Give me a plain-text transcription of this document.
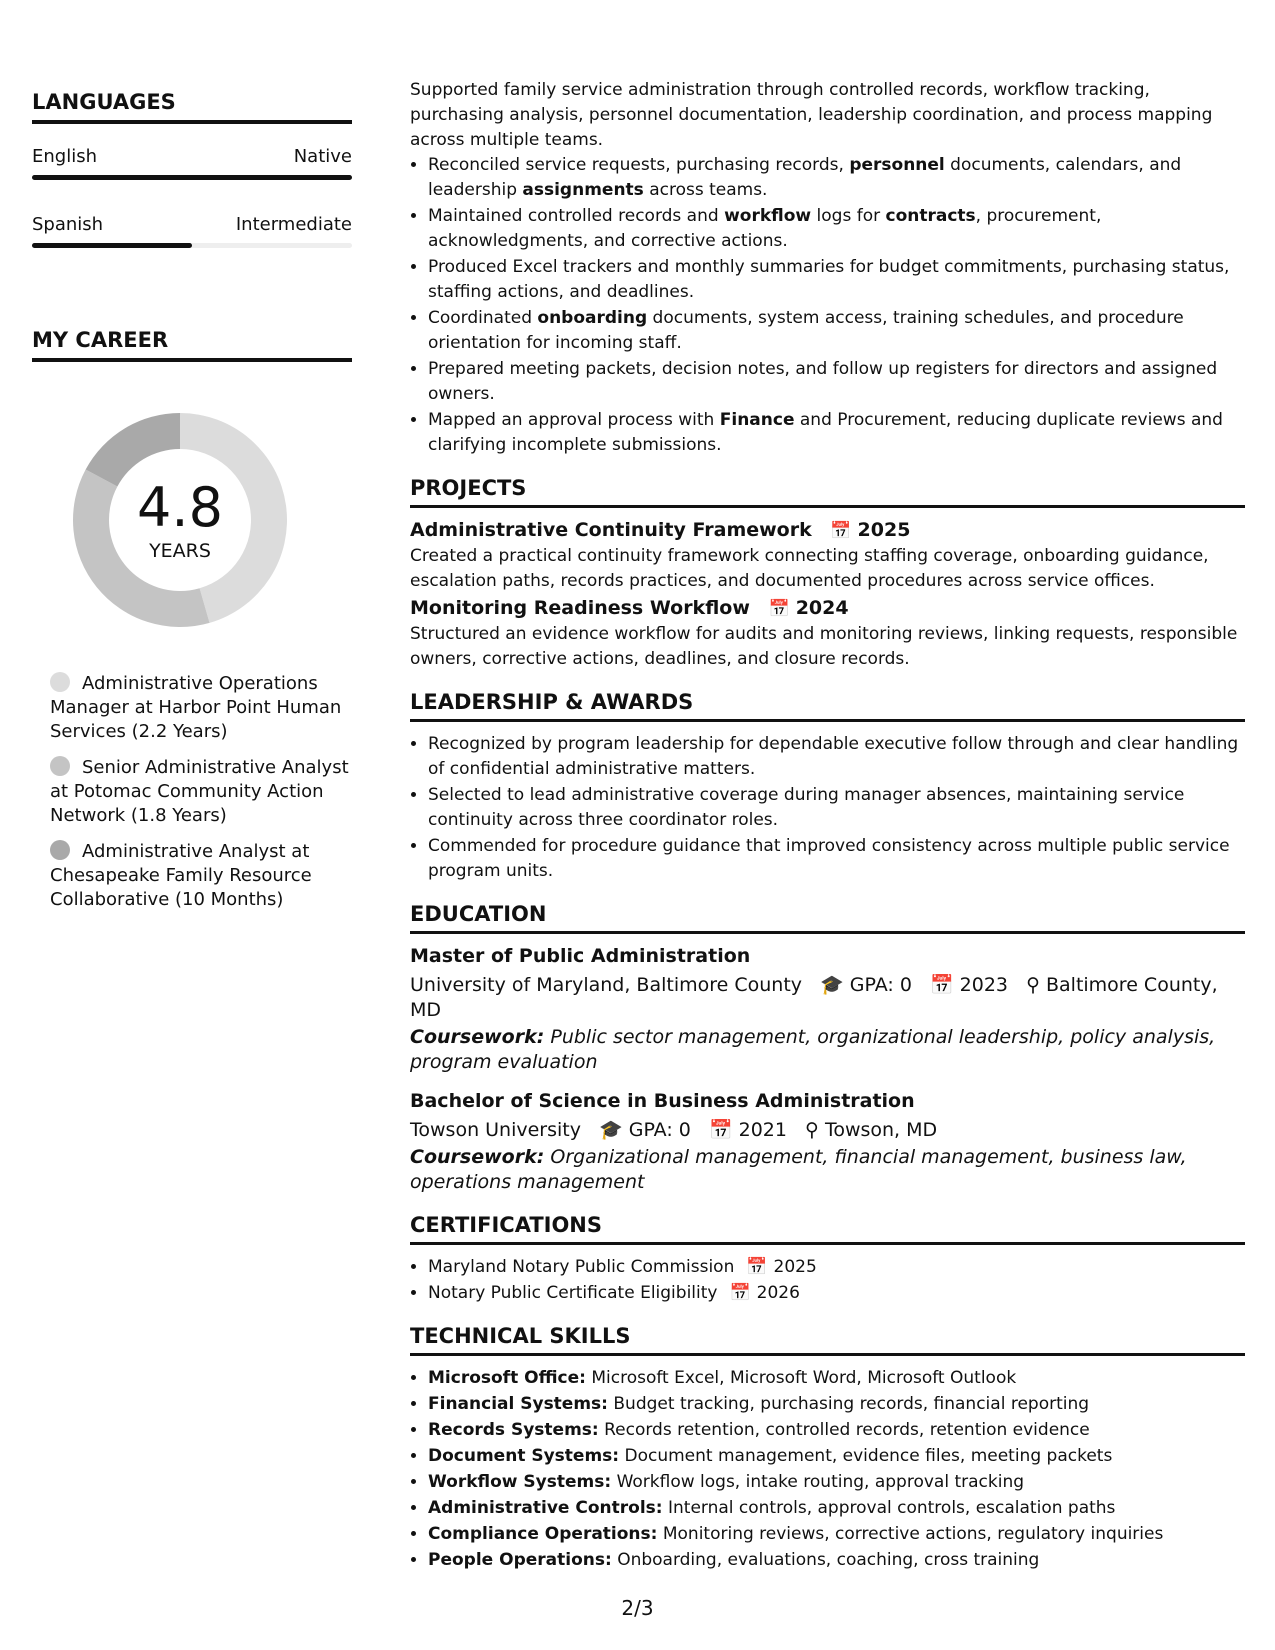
LANGUAGES
English	Native
Spanish	Intermediate
MY CAREER
4.8
YEARS
Administrative Operations Manager at Harbor Point Human Services (2.2 Years)
Senior Administrative Analyst at Potomac Community Action Network (1.8 Years)
Administrative Analyst at Chesapeake Family Resource Collaborative (10 Months)

Supported family service administration through controlled records, workflow tracking, purchasing analysis, personnel documentation, leadership coordination, and process mapping across multiple teams.

• Reconciled service requests, purchasing records, personnel documents, calendars, and leadership assignments across teams.
• Maintained controlled records and workflow logs for contracts, procurement, acknowledgments, and corrective actions.
• Produced Excel trackers and monthly summaries for budget commitments, purchasing status, staffing actions, and deadlines.
• Coordinated onboarding documents, system access, training schedules, and procedure orientation for incoming staff.
• Prepared meeting packets, decision notes, and follow up registers for directors and assigned owners.
• Mapped an approval process with Finance and Procurement, reducing duplicate reviews and clarifying incomplete submissions.
PROJECTS
Administrative Continuity Framework 📅 2025

Created a practical continuity framework connecting staffing coverage, onboarding guidance, escalation paths, records practices, and documented procedures across service offices.

Monitoring Readiness Workflow 📅 2024

Structured an evidence workflow for audits and monitoring reviews, linking requests, responsible owners, corrective actions, deadlines, and closure records.

LEADERSHIP & AWARDS
• Recognized by program leadership for dependable executive follow through and clear handling of confidential administrative matters.
• Selected to lead administrative coverage during manager absences, maintaining service continuity across three coordinator roles.
• Commended for procedure guidance that improved consistency across multiple public service program units.
EDUCATION
Master of Public Administration
University of Maryland, Baltimore County 🎓 GPA: 0 📅 2023 ⚲ Baltimore County, MD
Coursework: Public sector management, organizational leadership, policy analysis, program evaluation
Bachelor of Science in Business Administration
Towson University 🎓 GPA: 0 📅 2021 ⚲ Towson, MD
Coursework: Organizational management, financial management, business law, operations management
CERTIFICATIONS
• Maryland Notary Public Commission 📅 2025
• Notary Public Certificate Eligibility 📅 2026
TECHNICAL SKILLS
• Microsoft Office: Microsoft Excel, Microsoft Word, Microsoft Outlook
• Financial Systems: Budget tracking, purchasing records, financial reporting
• Records Systems: Records retention, controlled records, retention evidence
• Document Systems: Document management, evidence files, meeting packets
• Workflow Systems: Workflow logs, intake routing, approval tracking
• Administrative Controls: Internal controls, approval controls, escalation paths
• Compliance Operations: Monitoring reviews, corrective actions, regulatory inquiries
• People Operations: Onboarding, evaluations, coaching, cross training
2/3
